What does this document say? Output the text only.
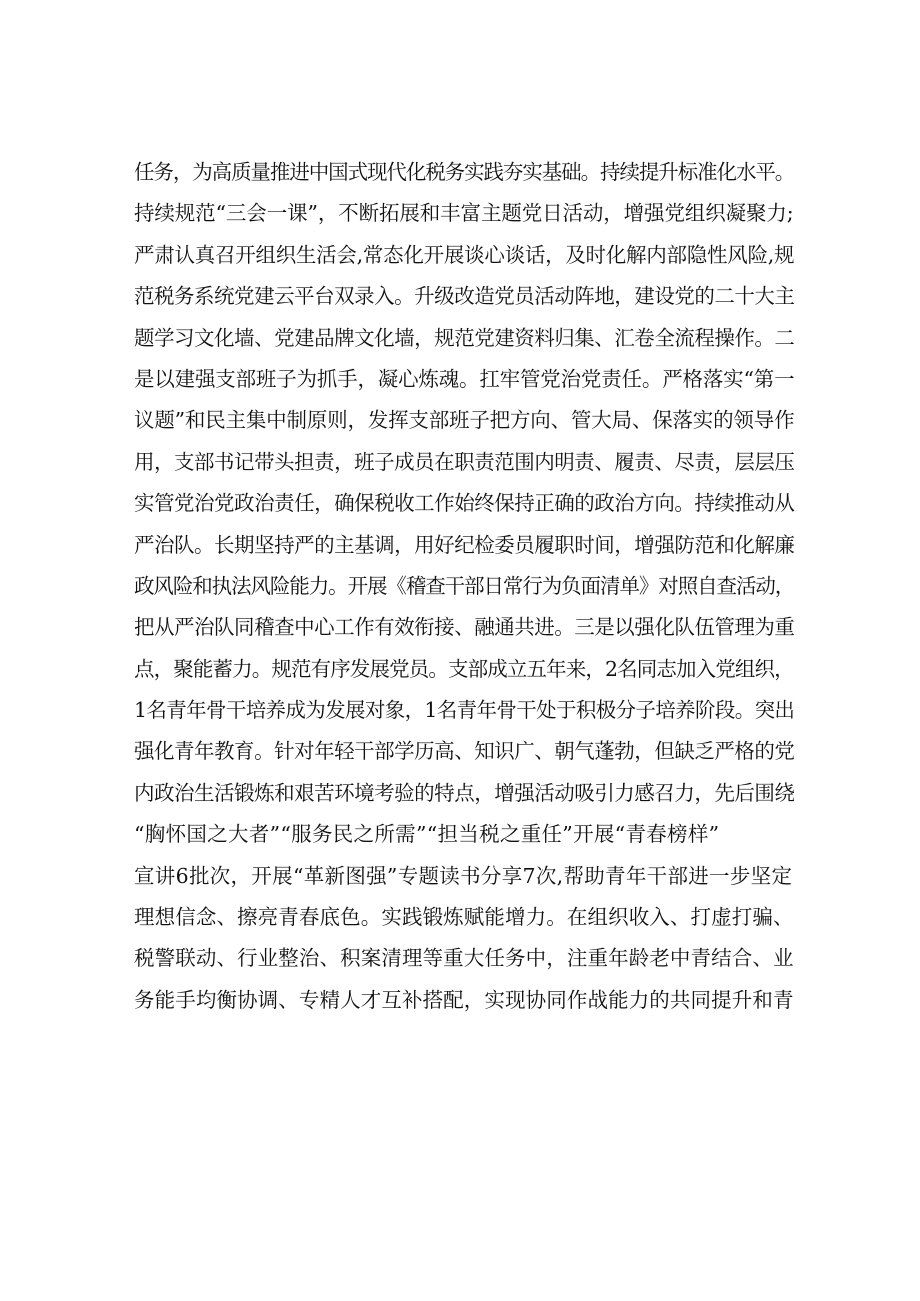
任务，为高质量推进中国式现代化税务实践夯实基础。持续提升标准化水平。
持续规范“三会一课”，不断拓展和丰富主题党日活动，增强党组织凝聚力;
严肃认真召开组织生活会,常态化开展谈心谈话，及时化解内部隐性风险,规
范税务系统党建云平台双录入。升级改造党员活动阵地，建设党的二十大主
题学习文化墙、党建品牌文化墙，规范党建资料归集、汇卷全流程操作。二
是以建强支部班子为抓手，凝心炼魂。扛牢管党治党责任。严格落实“第一
议题”和民主集中制原则，发挥支部班子把方向、管大局、保落实的领导作
用，支部书记带头担责，班子成员在职责范围内明责、履责、尽责，层层压
实管党治党政治责任，确保税收工作始终保持正确的政治方向。持续推动从
严治队。长期坚持严的主基调，用好纪检委员履职时间，增强防范和化解廉
政风险和执法风险能力。开展《稽查干部日常行为负面清单》对照自查活动，
把从严治队同稽查中心工作有效衔接、融通共进。三是以强化队伍管理为重
点，聚能蓄力。规范有序发展党员。支部成立五年来，2名同志加入党组织，
1名青年骨干培养成为发展对象，1名青年骨干处于积极分子培养阶段。突出
强化青年教育。针对年轻干部学历高、知识广、朝气蓬勃，但缺乏严格的党
内政治生活锻炼和艰苦环境考验的特点，增强活动吸引力感召力，先后围绕
“胸怀国之大者”“服务民之所需”“担当税之重任”开展“青春榜样”
宣讲6批次，开展“革新图强”专题读书分享7次,帮助青年干部进一步坚定
理想信念、擦亮青春底色。实践锻炼赋能增力。在组织收入、打虚打骗、
税警联动、行业整治、积案清理等重大任务中，注重年龄老中青结合、业
务能手均衡协调、专精人才互补搭配，实现协同作战能力的共同提升和青
